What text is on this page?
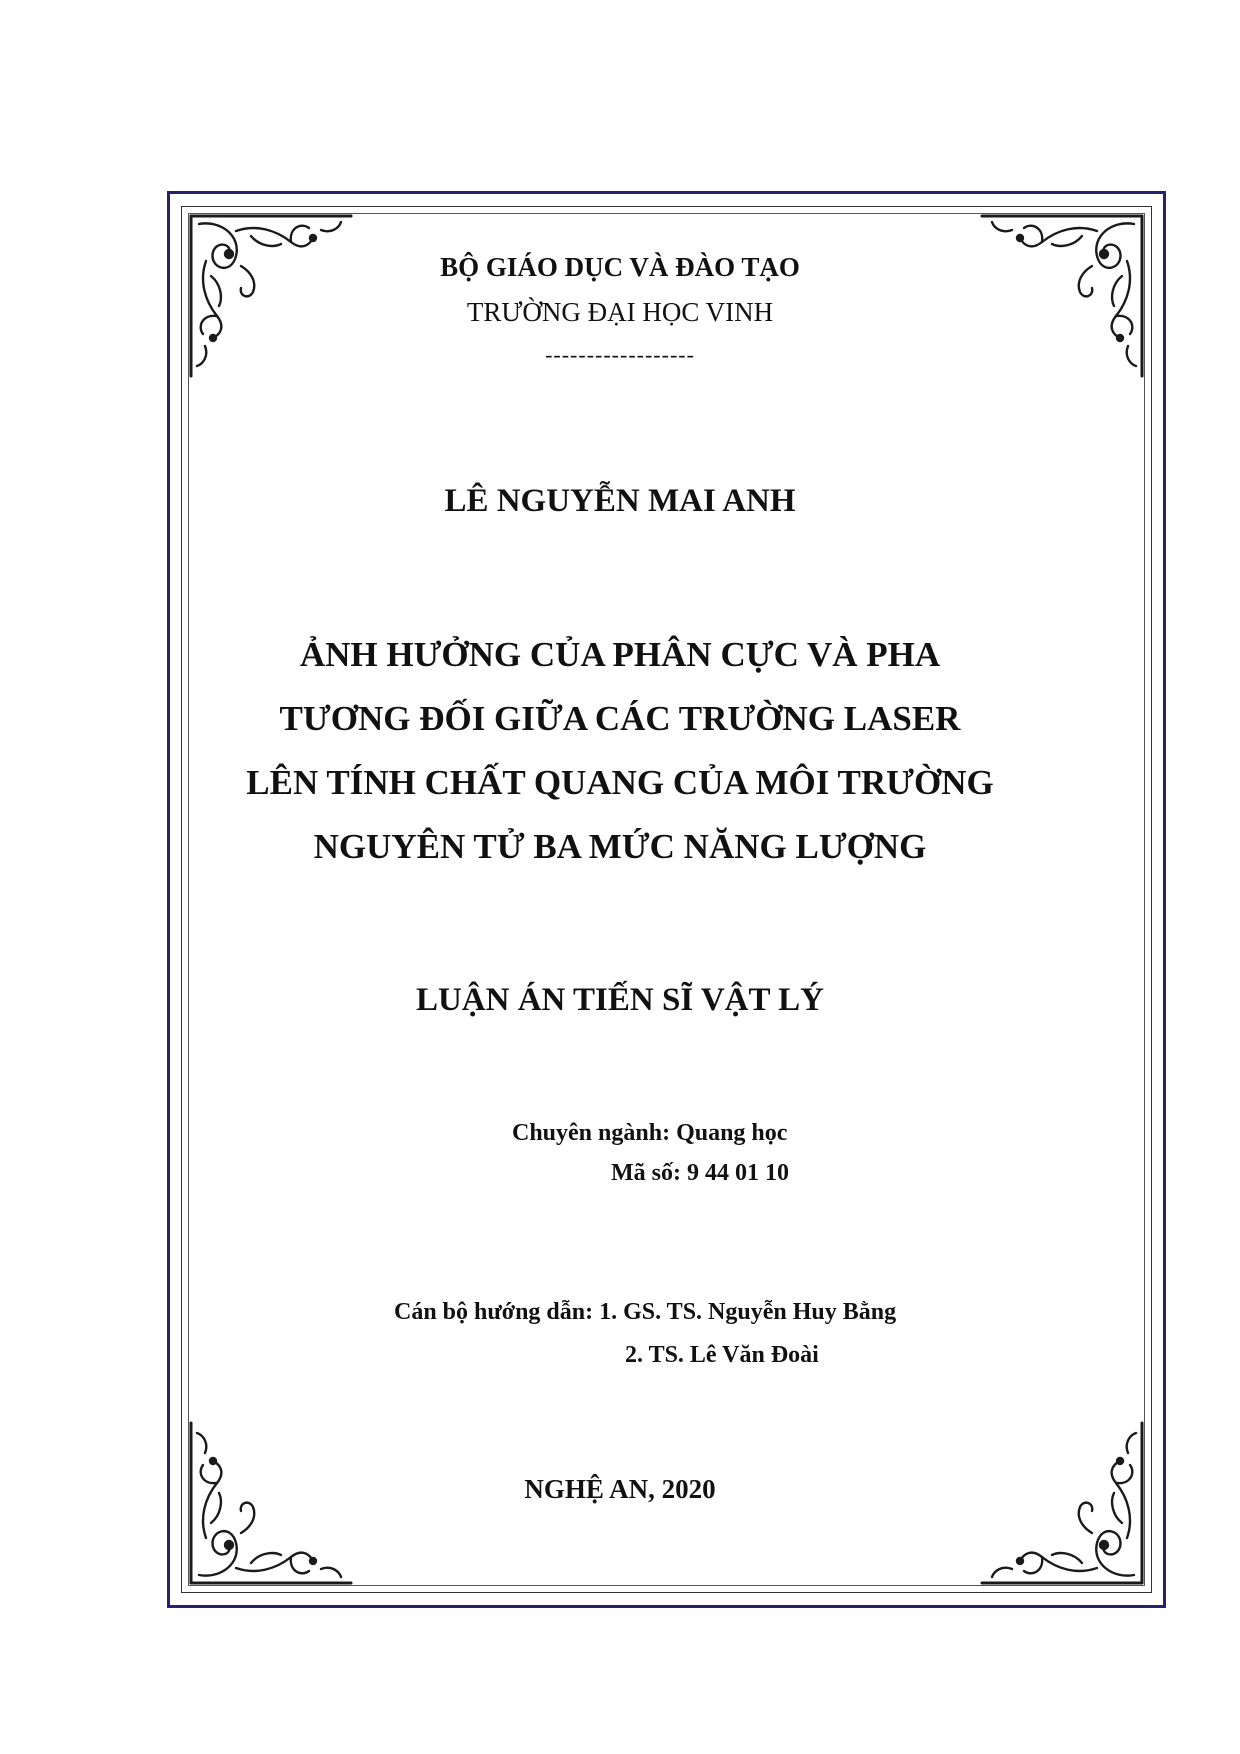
BỘ GIÁO DỤC VÀ ĐÀO TẠO
TRƯỜNG ĐẠI HỌC VINH
------------------
LÊ NGUYỄN MAI ANH
ẢNH HƯỞNG CỦA PHÂN CỰC VÀ PHA
TƯƠNG ĐỐI GIỮA CÁC TRƯỜNG LASER
LÊN TÍNH CHẤT QUANG CỦA MÔI TRƯỜNG
NGUYÊN TỬ BA MỨC NĂNG LƯỢNG
LUẬN ÁN TIẾN SĨ VẬT LÝ
Chuyên ngành: Quang học
Mã số: 9 44 01 10
Cán bộ hướng dẫn: 1. GS. TS. Nguyễn Huy Bằng
2. TS. Lê Văn Đoài
NGHỆ AN, 2020
